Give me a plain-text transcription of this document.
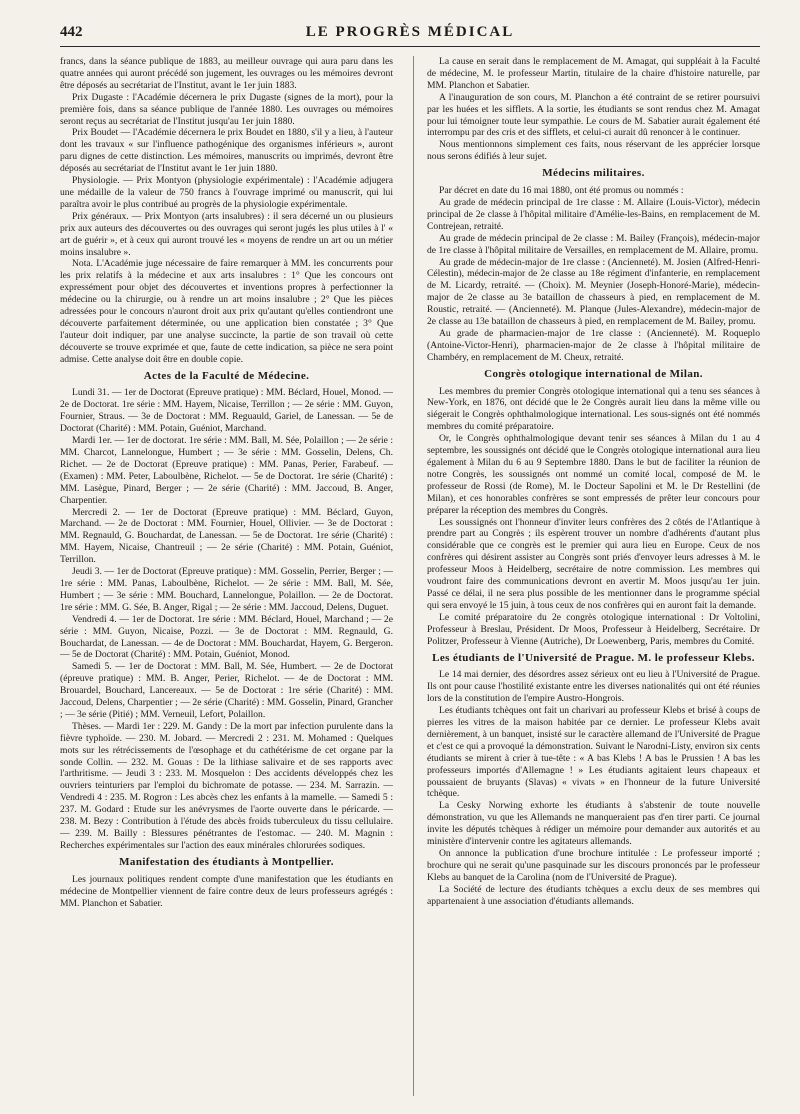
442	LE PROGRÈS MÉDICAL

francs, dans la séance publique de 1883, au meilleur ouvrage qui aura paru dans les quatre années qui auront précédé son jugement, les ouvrages ou les mémoires devront être déposés au secrétariat de l'Institut, avant le 1er juin 1883.

Prix Dugaste : l'Académie décernera le prix Dugaste (signes de la mort), pour la première fois, dans sa séance publique de l'année 1880. Les ouvrages ou mémoires seront reçus au secrétariat de l'Institut jusqu'au 1er juin 1880.

Prix Boudet — l'Académie décernera le prix Boudet en 1880, s'il y a lieu, à l'auteur dont les travaux « sur l'influence pathogénique des organismes inférieurs », auront paru dignes de cette distinction. Les mémoires, manuscrits ou imprimés, devront être déposés au secrétariat de l'Institut avant le 1er juin 1880.

Physiologie. — Prix Montyon (physiologie expérimentale) : l'Académie adjugera une médaille de la valeur de 750 francs à l'ouvrage imprimé ou manuscrit, qui lui paraîtra avoir le plus contribué au progrès de la physiologie expérimentale.

Prix généraux. — Prix Montyon (arts insalubres) : il sera décerné un ou plusieurs prix aux auteurs des découvertes ou des ouvrages qui seront jugés les plus utiles à l' « art de guérir », et à ceux qui auront trouvé les « moyens de rendre un art ou un métier moins insalubre ».

Nota. L'Académie juge nécessaire de faire remarquer à MM. les concurrents pour les prix relatifs à la médecine et aux arts insalubres : 1° Que les concours ont expressément pour objet des découvertes et inventions propres à perfectionner la médecine ou la chirurgie, ou à rendre un art moins insalubre ; 2° Que les pièces adressées pour le concours n'auront droit aux prix qu'autant qu'elles contiendront une découverte parfaitement déterminée, ou une application bien constatée ; 3° Que l'auteur doit indiquer, par une analyse succincte, la partie de son travail où cette découverte se trouve exprimée et que, faute de cette indication, sa pièce ne sera point admise. Cette analyse doit être en double copie.

Actes de la Faculté de Médecine.

Lundi 31. — 1er de Doctorat (Epreuve pratique) : MM. Béclard, Houel, Monod. — 2e de Doctorat. 1re série : MM. Hayem, Nicaise, Terrillon ; — 2e série : MM. Guyon, Fournier, Straus. — 3e de Doctorat : MM. Reguauld, Gariel, de Lanessan. — 5e de Doctorat (Charité) : MM. Potain, Guéniot, Marchand.

Mardi 1er. — 1er de doctorat. 1re série : MM. Ball, M. Sée, Polaillon ; — 2e série : MM. Charcot, Lannelongue, Humbert ; — 3e série : MM. Gosselin, Delens, Ch. Richet. — 2e de Doctorat (Epreuve pratique) : MM. Panas, Perier, Farabeuf. — (Examen) : MM. Peter, Laboulbène, Richelot. — 5e de Doctorat. 1re série (Charité) : MM. Lasègue, Pinard, Berger ; — 2e série (Charité) : MM. Jaccoud, B. Anger, Charpentier.

Mercredi 2. — 1er de Doctorat (Epreuve pratique) : MM. Béclard, Guyon, Marchand. — 2e de Doctorat : MM. Fournier, Houel, Ollivier. — 3e de Doctorat : MM. Regnauld, G. Bouchardat, de Lanessan. — 5e de Doctorat. 1re série (Charité) : MM. Hayem, Nicaise, Chantreuil ; — 2e série (Charité) : MM. Potain, Guéniot, Terrillon.

Jeudi 3. — 1er de Doctorat (Epreuve pratique) : MM. Gosselin, Perrier, Berger ; — 1re série : MM. Panas, Laboulbène, Richelot. — 2e série : MM. Ball, M. Sée, Humbert ; — 3e série : MM. Bouchard, Lannelongue, Polaillon. — 2e de Doctorat. 1re série : MM. G. Sée, B. Anger, Rigal ; — 2e série : MM. Jaccoud, Delens, Duguet.

Vendredi 4. — 1er de Doctorat. 1re série : MM. Béclard, Houel, Marchand ; — 2e série : MM. Guyon, Nicaise, Pozzi. — 3e de Doctorat : MM. Regnauld, G. Bouchardat, de Lanessan. — 4e de Doctorat : MM. Bouchardat, Hayem, G. Bergeron. — 5e de Doctorat (Charité) : MM. Potain, Guéniot, Monod.

Samedi 5. — 1er de Doctorat : MM. Ball, M. Sée, Humbert. — 2e de Doctorat (épreuve pratique) : MM. B. Anger, Perier, Richelot. — 4e de Doctorat : MM. Brouardel, Bouchard, Lancereaux. — 5e de Doctorat : 1re série (Charité) : MM. Jaccoud, Delens, Charpentier ; — 2e série (Charité) : MM. Gosselin, Pinard, Grancher ; — 3e série (Pitié) ; MM. Verneuil, Lefort, Polaillon.

Thèses. — Mardi 1er : 229. M. Gandy : De la mort par infection purulente dans la fièvre typhoïde. — 230. M. Jobard. — Mercredi 2 : 231. M. Mohamed : Quelques mots sur les rétrécissements de l'œsophage et du cathétérisme de cet organe par la sonde Collin. — 232. M. Gouas : De la lithiase salivaire et de ses rapports avec l'arthritisme. — Jeudi 3 : 233. M. Mosquelon : Des accidents développés chez les ouvriers teinturiers par l'emploi du bichromate de potasse. — 234. M. Sarrazin. — Vendredi 4 : 235. M. Rogron : Les abcès chez les enfants à la mamelle. — Samedi 5 : 237. M. Godard : Etude sur les anévrysmes de l'aorte ouverte dans le péricarde. — 238. M. Bezy : Contribution à l'étude des abcès froids tuberculeux du tissu cellulaire. — 239. M. Bailly : Blessures pénétrantes de l'estomac. — 240. M. Magnin : Recherches expérimentales sur l'action des eaux minérales chlorurées sodiques.

Manifestation des étudiants à Montpellier.

Les journaux politiques rendent compte d'une manifestation que les étudiants en médecine de Montpellier viennent de faire contre deux de leurs professeurs agrégés : MM. Planchon et Sabatier.

La cause en serait dans le remplacement de M. Amagat, qui suppléait à la Faculté de médecine, M. le professeur Martin, titulaire de la chaire d'histoire naturelle, par MM. Planchon et Sabatier.

A l'inauguration de son cours, M. Planchon a été contraint de se retirer poursuivi par les huées et les sifflets. A la sortie, les étudiants se sont rendus chez M. Amagat pour lui témoigner toute leur sympathie. Le cours de M. Sabatier aurait également été interrompu par des cris et des sifflets, et celui-ci aurait dû renoncer à le continuer.

Nous mentionnons simplement ces faits, nous réservant de les apprécier lorsque nous serons édifiés à leur sujet.

Médecins militaires.

Par décret en date du 16 mai 1880, ont été promus ou nommés :

Au grade de médecin principal de 1re classe : M. Allaire (Louis-Victor), médecin principal de 2e classe à l'hôpital militaire d'Amélie-les-Bains, en remplacement de M. Contrejean, retraité.

Au grade de médecin principal de 2e classe : M. Bailey (François), médecin-major de 1re classe à l'hôpital militaire de Versailles, en remplacement de M. Allaire, promu.

Au grade de médecin-major de 1re classe : (Ancienneté). M. Josien (Alfred-Henri-Célestin), médecin-major de 2e classe au 18e régiment d'infanterie, en remplacement de M. Licardy, retraité. — (Choix). M. Meynier (Joseph-Honoré-Marie), médecin-major de 2e classe au 3e bataillon de chasseurs à pied, en remplacement de M. Roustic, retraité. — (Ancienneté). M. Planque (Jules-Alexandre), médecin-major de 2e classe au 13e bataillon de chasseurs à pied, en remplacement de M. Bailey, promu.

Au grade de pharmacien-major de 1re classe : (Ancienneté). M. Roqueplo (Antoine-Victor-Henri), pharmacien-major de 2e classe à l'hôpital militaire de Chambéry, en remplacement de M. Cheux, retraité.

Congrès otologique international de Milan.

Les membres du premier Congrès otologique international qui a tenu ses séances à New-York, en 1876, ont décidé que le 2e Congrès aurait lieu dans la même ville ou siégerait le Congrès ophthalmologique international. Les sous-signés ont été nommés membres du comité préparatoire.

Or, le Congrès ophthalmologique devant tenir ses séances à Milan du 1 au 4 septembre, les soussignés ont décidé que le Congrès otologique international aura lieu également à Milan du 6 au 9 Septembre 1880. Dans le but de faciliter la réunion de notre Congrès, les soussignés ont nommé un comité local, composé de M. le professeur de Rossi (de Rome), M. le Docteur Sapolini et M. le Dr Restellini (de Milan), et ces honorables confrères se sont empressés de prêter leur concours pour préparer la réception des membres du Congrès.

Les soussignés ont l'honneur d'inviter leurs confrères des 2 côtés de l'Atlantique à prendre part au Congrès ; ils espèrent trouver un nombre d'adhérents d'autant plus considérable que ce congrès est le premier qui aura lieu en Europe. Ceux de nos confrères qui désirent assister au Congrès sont priés d'envoyer leurs adresses à M. le professeur Moos à Heidelberg, secrétaire de notre commission. Les membres qui voudront faire des communications devront en avertir M. Moos jusqu'au 1er juin. Passé ce délai, il ne sera plus possible de les mentionner dans le programme spécial qui sera envoyé le 15 juin, à tous ceux de nos confrères qui en auront fait la demande.

Le comité préparatoire du 2e congrès otologique international : Dr Voltolini, Professeur à Breslau, Président. Dr Moos, Professeur à Heidelberg, Secrétaire. Dr Politzer, Professeur à Vienne (Autriche), Dr Loewenberg, Paris, membres du Comité.

Les étudiants de l'Université de Prague. M. le professeur Klebs.

Le 14 mai dernier, des désordres assez sérieux ont eu lieu à l'Université de Prague. Ils ont pour cause l'hostilité existante entre les diverses nationalités qui ont été réunies lors de la constitution de l'empire Austro-Hongrois.

Les étudiants tchèques ont fait un charivari au professeur Klebs et brisé à coups de pierres les vitres de la maison habitée par ce dernier. Le professeur Klebs avait dernièrement, à un banquet, insisté sur le caractère allemand de l'Université de Prague et c'est ce qui a provoqué la démonstration. Suivant le Narodni-Listy, environ six cents étudiants se mirent à crier à tue-tête : « A bas Klebs ! A bas le Prussien ! A bas les professeurs importés d'Allemagne ! » Les étudiants agitaient leurs chapeaux et poussaient de bruyants (Slavas) « vivats » en l'honneur de la future Université tchèque.

La Cesky Norwing exhorte les étudiants à s'abstenir de toute nouvelle démonstration, vu que les Allemands ne manqueraient pas d'en tirer parti. Ce journal invite les députés tchèques à rédiger un mémoire pour demander aux autorités et au ministère d'intervenir contre les agitateurs allemands.

On annonce la publication d'une brochure intitulée : Le professeur importé ; brochure qui ne serait qu'une pasquinade sur les discours prononcés par le professeur Klebs au banquet de la Carolina (nom de l'Université de Prague).

La Société de lecture des étudiants tchèques a exclu deux de ses membres qui appartenaient à une association d'étudiants allemands.
